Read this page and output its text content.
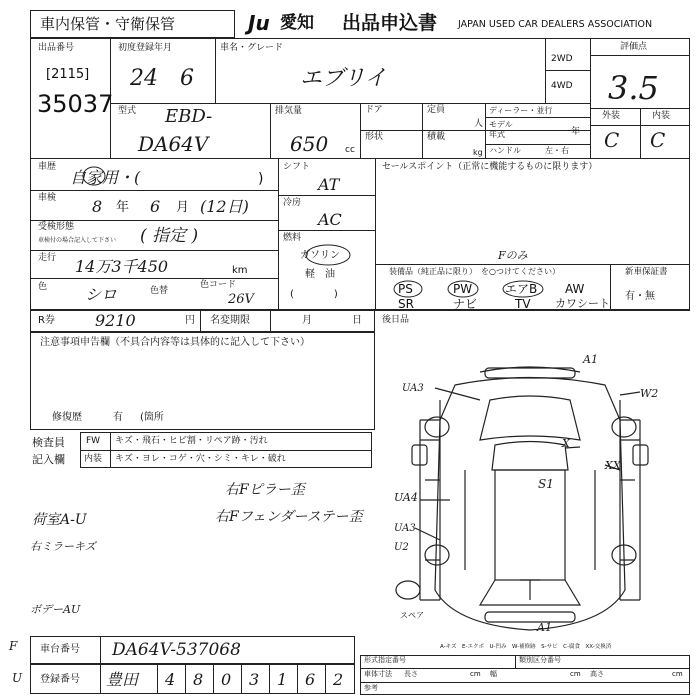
車内保管・守衛保管	Ju 愛知 出品申込書 JAPAN USED CAR DEALERS ASSOCIATION
出品番号
[2115]
35037
初度登録年月
24 6
車名・グレード
エブリイ
2WD
4WD
評価点
3.5
外装	内装
C C
型式 EBD-
DA64V
排気量
650 cc
ドア	定員
人
ディーラー・並行
モデル
年式	年
形状	積載
kg ハンドル	左・右
車歴
自家用・(	)
車検 8 年 6 月 (12日)
受検形態
車検付の場合記入して下さい ( 指定 )
走行 14万3千450	km
色 シロ	色替
色コード
26V
シフト
AT
冷房
AC
燃料
ガソリン
軽　油
(　　　　)
セールスポイント（正常に機能するものに限ります）
Fのみ
装備品（純正品に限り）　を○つけてください）
PS	PW	エアB AW
SR	ナビ	TV カワシート
新車保証書
有・無
R券	9210	円 名変期限	月	日 後日品
注意事項申告欄（不具合内容等は具体的に記入して下さい）
修復歴	有 (箇所
検査員
記入欄
FW キズ・飛石・ヒビ割・リペア跡・汚れ
内装 キズ・ヨレ・コゲ・穴・シミ・キレ・破れ
右Fピラー歪
右Fフェンダーステー歪
荷室A-U
右ミラーキズ
ボデーAU
F
U
A1
W2
UA3
X
XX
S1
UA4
UA3
U2
A1
スペア
A-キズ　E-エクボ　U-凹み　W-補修跡　S-サビ　C-腐食　XX-交換済
車台番号 DA64V-537068
登録番号 豊田 4 8 0 3 1 6 2
形式指定番号	類別区分番号
車体寸法 長さ	cm 幅	cm 高さ	cm
参考
